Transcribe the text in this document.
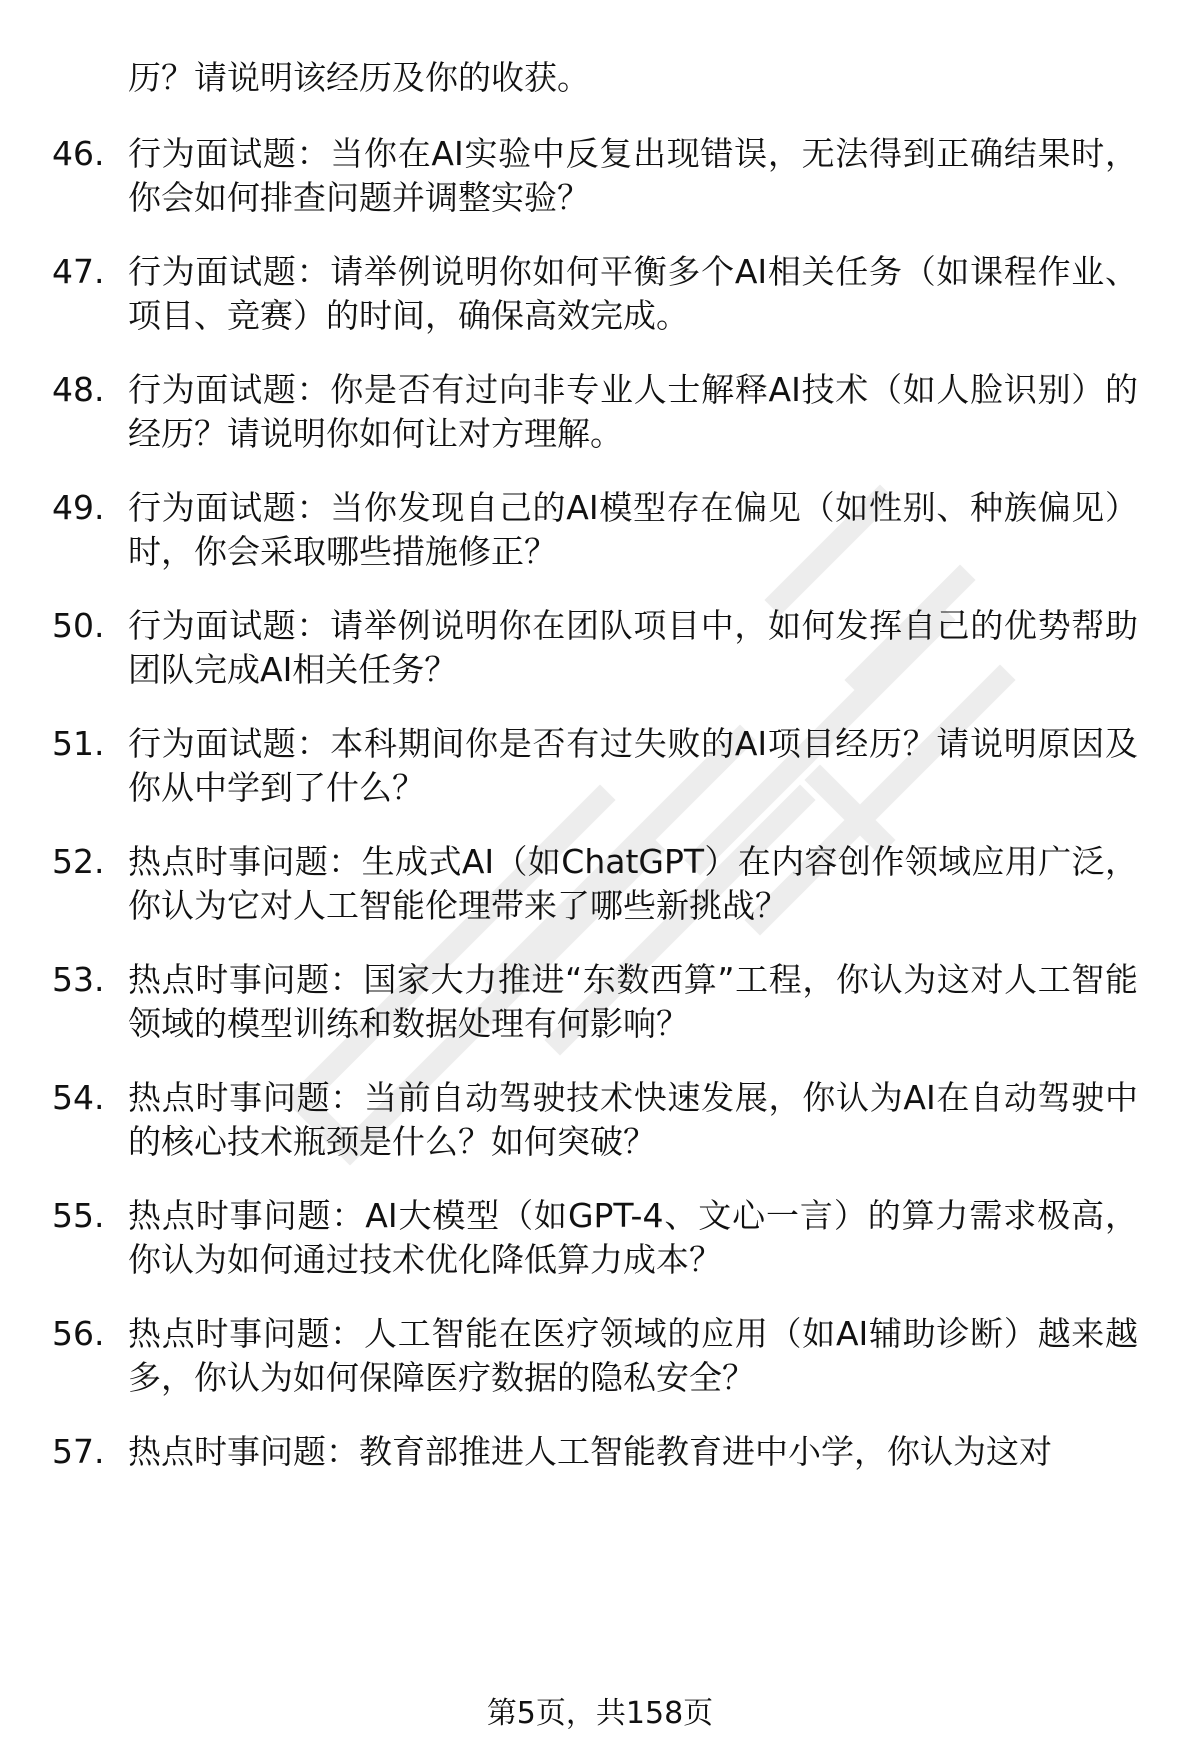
历？请说明该经历及你的收获。
46. 行为面试题：当你在AI实验中反复出现错误，无法得到正确结果时，你会如何排查问题并调整实验？
47. 行为面试题：请举例说明你如何平衡多个AI相关任务（如课程作业、项目、竞赛）的时间，确保高效完成。
48. 行为面试题：你是否有过向非专业人士解释AI技术（如人脸识别）的经历？请说明你如何让对方理解。
49. 行为面试题：当你发现自己的AI模型存在偏见（如性别、种族偏见）时，你会采取哪些措施修正？
50. 行为面试题：请举例说明你在团队项目中，如何发挥自己的优势帮助团队完成AI相关任务？
51. 行为面试题：本科期间你是否有过失败的AI项目经历？请说明原因及你从中学到了什么？
52. 热点时事问题：生成式AI（如ChatGPT）在内容创作领域应用广泛，你认为它对人工智能伦理带来了哪些新挑战？
53. 热点时事问题：国家大力推进“东数西算”工程，你认为这对人工智能领域的模型训练和数据处理有何影响？
54. 热点时事问题：当前自动驾驶技术快速发展，你认为AI在自动驾驶中的核心技术瓶颈是什么？如何突破？
55. 热点时事问题：AI大模型（如GPT-4、文心一言）的算力需求极高，你认为如何通过技术优化降低算力成本？
56. 热点时事问题：人工智能在医疗领域的应用（如AI辅助诊断）越来越多，你认为如何保障医疗数据的隐私安全？
57. 热点时事问题：教育部推进人工智能教育进中小学，你认为这对
第5页，共158页
